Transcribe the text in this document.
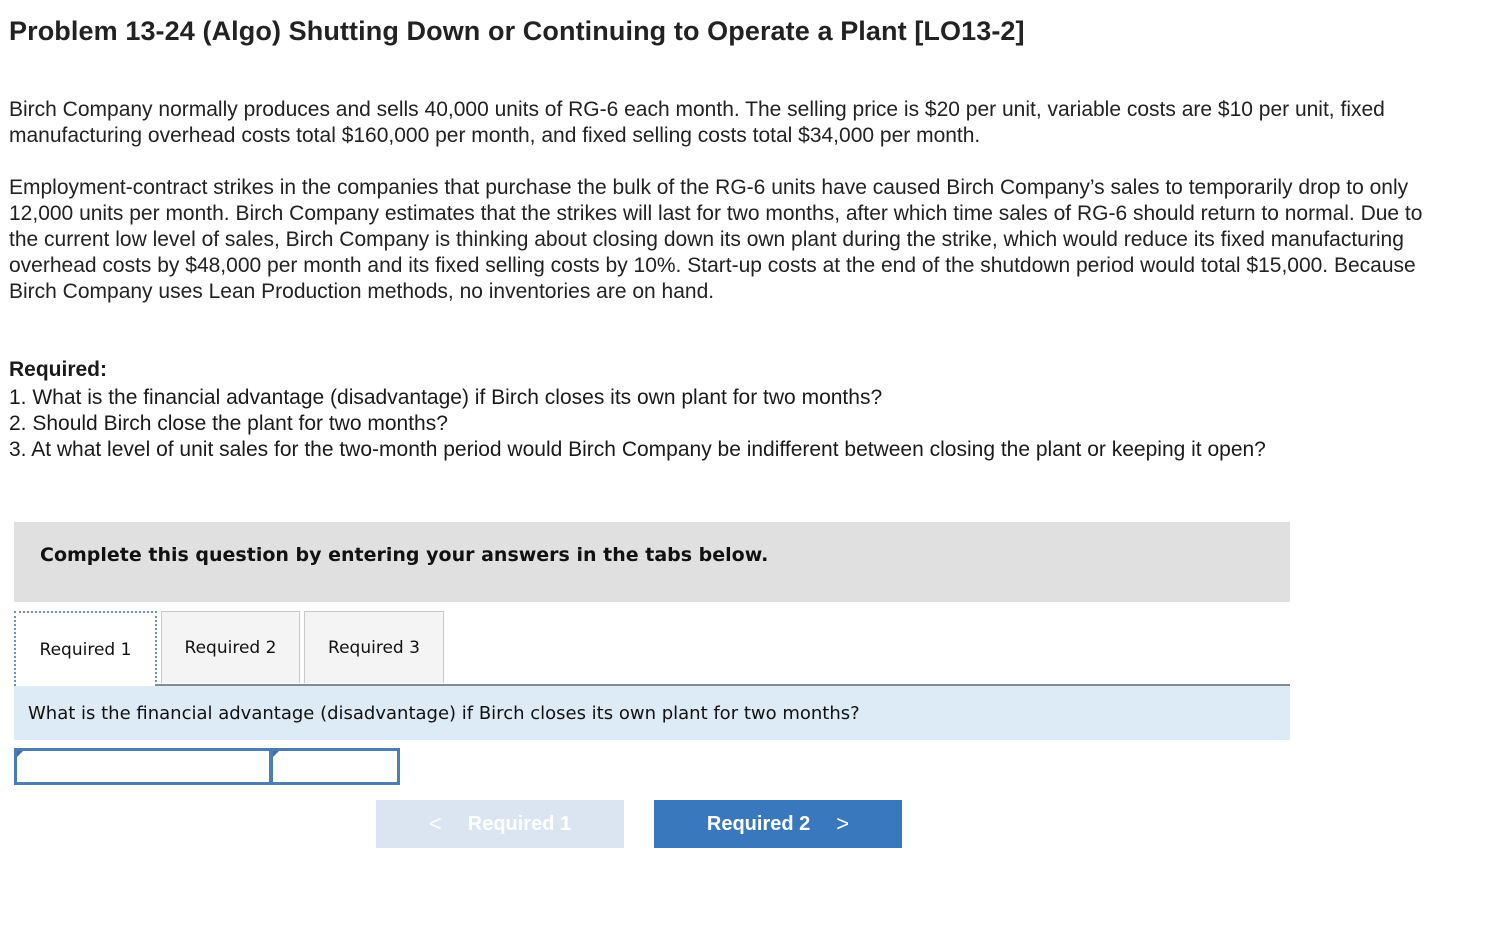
Problem 13-24 (Algo) Shutting Down or Continuing to Operate a Plant [LO13-2]

Birch Company normally produces and sells 40,000 units of RG-6 each month. The selling price is $20 per unit, variable costs are $10 per unit, fixed manufacturing overhead costs total $160,000 per month, and fixed selling costs total $34,000 per month.

Employment-contract strikes in the companies that purchase the bulk of the RG-6 units have caused Birch Company’s sales to temporarily drop to only 12,000 units per month. Birch Company estimates that the strikes will last for two months, after which time sales of RG-6 should return to normal. Due to the current low level of sales, Birch Company is thinking about closing down its own plant during the strike, which would reduce its fixed manufacturing overhead costs by $48,000 per month and its fixed selling costs by 10%. Start-up costs at the end of the shutdown period would total $15,000. Because Birch Company uses Lean Production methods, no inventories are on hand.

Required:
1. What is the financial advantage (disadvantage) if Birch closes its own plant for two months?
2. Should Birch close the plant for two months?
3. At what level of unit sales for the two-month period would Birch Company be indifferent between closing the plant or keeping it open?
Complete this question by entering your answers in the tabs below.
Required 1	Required 2	Required 3
What is the financial advantage (disadvantage) if Birch closes its own plant for two months?
< Required 1	Required 2 >
